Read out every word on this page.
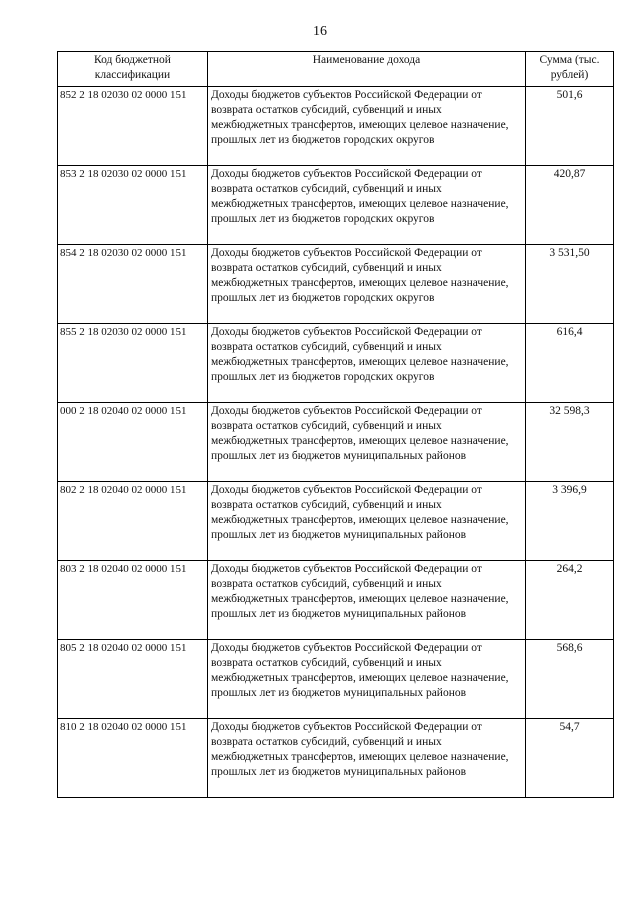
16
Код бюджетной классификации	Наименование дохода	Сумма (тыс. рублей)
852 2 18 02030 02 0000 151	Доходы бюджетов субъектов Российской Федерации от возврата остатков субсидий, субвенций и иных межбюджетных трансфертов, имеющих целевое назначение, прошлых лет из бюджетов городских округов	501,6
853 2 18 02030 02 0000 151	Доходы бюджетов субъектов Российской Федерации от возврата остатков субсидий, субвенций и иных межбюджетных трансфертов, имеющих целевое назначение, прошлых лет из бюджетов городских округов	420,87
854 2 18 02030 02 0000 151	Доходы бюджетов субъектов Российской Федерации от возврата остатков субсидий, субвенций и иных межбюджетных трансфертов, имеющих целевое назначение, прошлых лет из бюджетов городских округов	3 531,50
855 2 18 02030 02 0000 151	Доходы бюджетов субъектов Российской Федерации от возврата остатков субсидий, субвенций и иных межбюджетных трансфертов, имеющих целевое назначение, прошлых лет из бюджетов городских округов	616,4
000 2 18 02040 02 0000 151	Доходы бюджетов субъектов Российской Федерации от возврата остатков субсидий, субвенций и иных межбюджетных трансфертов, имеющих целевое назначение, прошлых лет из бюджетов муниципальных районов	32 598,3
802 2 18 02040 02 0000 151	Доходы бюджетов субъектов Российской Федерации от возврата остатков субсидий, субвенций и иных межбюджетных трансфертов, имеющих целевое назначение, прошлых лет из бюджетов муниципальных районов	3 396,9
803 2 18 02040 02 0000 151	Доходы бюджетов субъектов Российской Федерации от возврата остатков субсидий, субвенций и иных межбюджетных трансфертов, имеющих целевое назначение, прошлых лет из бюджетов муниципальных районов	264,2
805 2 18 02040 02 0000 151	Доходы бюджетов субъектов Российской Федерации от возврата остатков субсидий, субвенций и иных межбюджетных трансфертов, имеющих целевое назначение, прошлых лет из бюджетов муниципальных районов	568,6
810 2 18 02040 02 0000 151	Доходы бюджетов субъектов Российской Федерации от возврата остатков субсидий, субвенций и иных межбюджетных трансфертов, имеющих целевое назначение, прошлых лет из бюджетов муниципальных районов	54,7
